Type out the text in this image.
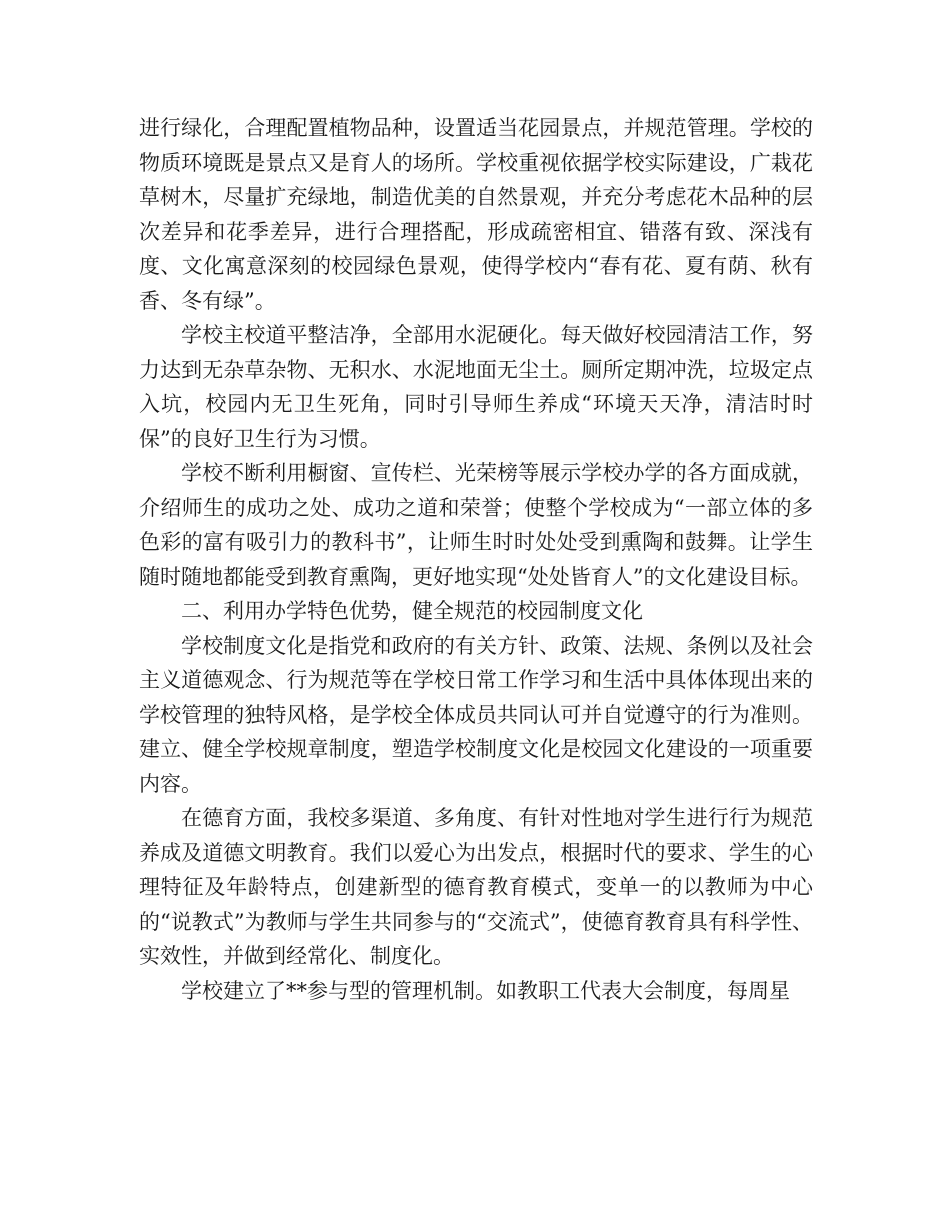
进行绿化，合理配置植物品种，设置适当花园景点，并规范管理。学校的物质环境既是景点又是育人的场所。学校重视依据学校实际建设，广栽花草树木，尽量扩充绿地，制造优美的自然景观，并充分考虑花木品种的层次差异和花季差异，进行合理搭配，形成疏密相宜、错落有致、深浅有度、文化寓意深刻的校园绿色景观，使得学校内“春有花、夏有荫、秋有香、冬有绿”。

学校主校道平整洁净，全部用水泥硬化。每天做好校园清洁工作，努力达到无杂草杂物、无积水、水泥地面无尘土。厕所定期冲洗，垃圾定点入坑，校园内无卫生死角，同时引导师生养成“环境天天净，清洁时时保”的良好卫生行为习惯。

学校不断利用橱窗、宣传栏、光荣榜等展示学校办学的各方面成就，介绍师生的成功之处、成功之道和荣誉；使整个学校成为“一部立体的多色彩的富有吸引力的教科书”，让师生时时处处受到熏陶和鼓舞。让学生随时随地都能受到教育熏陶，更好地实现“处处皆育人”的文化建设目标。

二、利用办学特色优势，健全规范的校园制度文化

学校制度文化是指党和政府的有关方针、政策、法规、条例以及社会主义道德观念、行为规范等在学校日常工作学习和生活中具体体现出来的学校管理的独特风格，是学校全体成员共同认可并自觉遵守的行为准则。建立、健全学校规章制度，塑造学校制度文化是校园文化建设的一项重要内容。

在德育方面，我校多渠道、多角度、有针对性地对学生进行行为规范养成及道德文明教育。我们以爱心为出发点，根据时代的要求、学生的心理特征及年龄特点，创建新型的德育教育模式，变单一的以教师为中心的“说教式”为教师与学生共同参与的“交流式”，使德育教育具有科学性、实效性，并做到经常化、制度化。

学校建立了**参与型的管理机制。如教职工代表大会制度，每周星
